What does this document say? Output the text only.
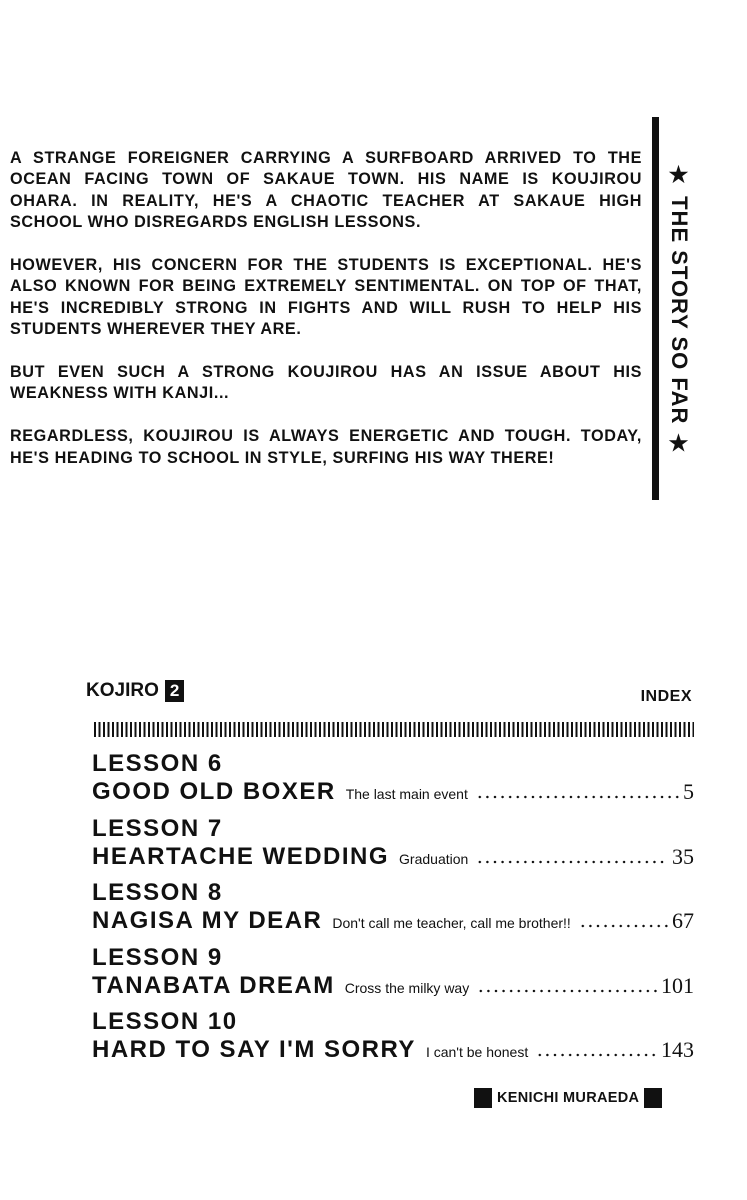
A STRANGE FOREIGNER CARRYING A SURFBOARD ARRIVED TO THE OCEAN FACING TOWN OF SAKAUE TOWN. HIS NAME IS KOUJIROU OHARA. IN REALITY, HE'S A CHAOTIC TEACHER AT SAKAUE HIGH SCHOOL WHO DISREGARDS ENGLISH LESSONS.

HOWEVER, HIS CONCERN FOR THE STUDENTS IS EXCEPTIONAL. HE'S ALSO KNOWN FOR BEING EXTREMELY SENTIMENTAL. ON TOP OF THAT, HE'S INCREDIBLY STRONG IN FIGHTS AND WILL RUSH TO HELP HIS STUDENTS WHEREVER THEY ARE.

BUT EVEN SUCH A STRONG KOUJIROU HAS AN ISSUE ABOUT HIS WEAKNESS WITH KANJI...

REGARDLESS, KOUJIROU IS ALWAYS ENERGETIC AND TOUGH. TODAY, HE'S HEADING TO SCHOOL IN STYLE, SURFING HIS WAY THERE!

★ THE STORY SO FAR ★
KOJIRO 2	INDEX
LESSON 6
GOOD OLD BOXER The last main event	5
LESSON 7
HEARTACHE WEDDING Graduation	35
LESSON 8
NAGISA MY DEAR Don't call me teacher, call me brother!!	67
LESSON 9
TANABATA DREAM Cross the milky way	101
LESSON 10
HARD TO SAY I'M SORRY I can't be honest	143
KENICHI MURAEDA
